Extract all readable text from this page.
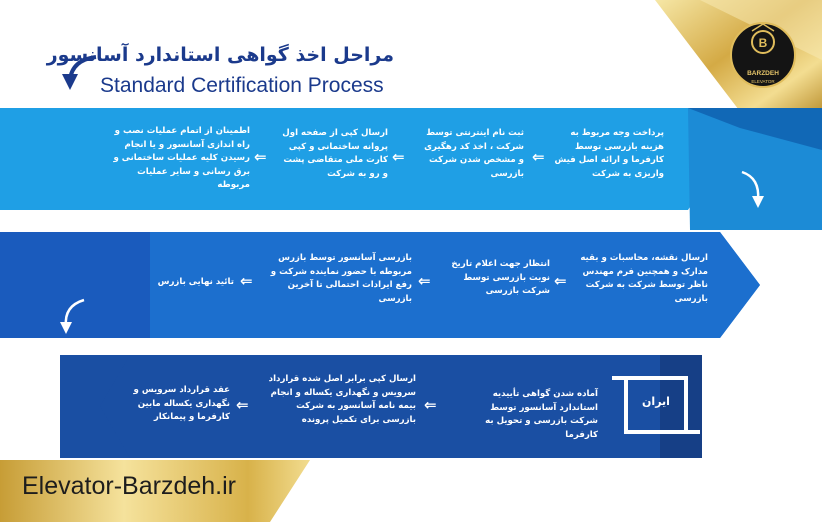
B
مراحل اخذ گواهی استاندارد آسانسور
Standard Certification Process
BARZDEH
ELEVATOR
پرداخت وجه مربوط به هزینه بازرسی توسط کارفرما و ارائه اصل فیش واریزی به شرکت
⇐
ثبت نام اینترنتی توسط شرکت ، اخذ کد رهگیری و مشخص شدن شرکت بازرسی
⇐
ارسال کپی از صفحه اول پروانه ساختمانی و کپی کارت ملی متقاضی پشت و رو به شرکت
⇐
اطمینان از اتمام عملیات نصب و راه اندازی آسانسور و یا انجام رسیدن کلیه عملیات ساختمانی و برق رسانی و سایر عملیات مربوطه
ارسال نقشه، محاسبات و بقیه مدارک و همچنین فرم مهندس ناظر توسط شرکت به شرکت بازرسی
⇐
انتظار جهت اعلام تاریخ نوبت بازرسی توسط شرکت بازرسی
⇐
بازرسی آسانسور توسط بازرس مربوطه با حضور نماینده شرکت و رفع ایرادات احتمالی تا آخرین بازرسی
⇐
تائید نهایی بازرس
آماده شدن گواهی تأییدیه استاندارد آسانسور توسط شرکت بازرسی و تحویل به کارفرما
⇐
ارسال کپی برابر اصل شده قرارداد سرویس و نگهداری یکساله و انجام بیمه نامه آسانسور به شرکت بازرسی برای تکمیل پرونده
⇐
عقد قرارداد سرویس و نگهداری یکساله مابین کارفرما و پیمانکار
ايران
Elevator-Barzdeh.ir
